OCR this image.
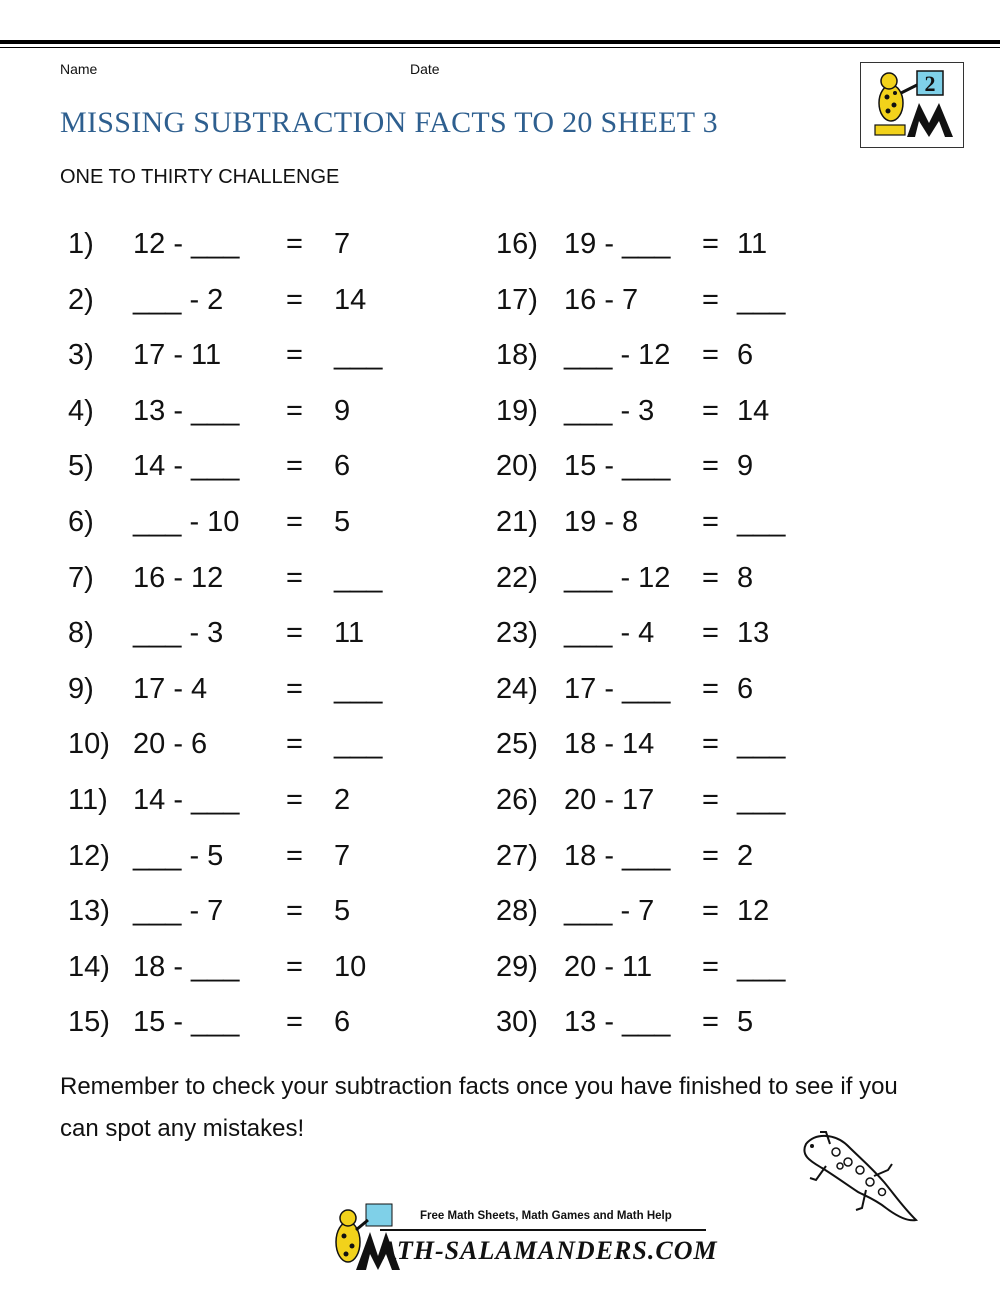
Name	Date
MISSING SUBTRACTION FACTS TO 20 SHEET 3
ONE TO THIRTY CHALLENGE
2
1) 12 - ___ = 7
2) ___ - 2 = 14
3) 17 - 11 = ___
4) 13 - ___ = 9
5) 14 - ___ = 6
6) ___ - 10 = 5
7) 16 - 12 = ___
8) ___ - 3 = 11
9) 17 - 4	= ___
10) 20 - 6	= ___
11) 14 - ___ = 2
12) ___ - 5 = 7
13) ___ - 7 = 5
14) 18 - ___ = 10
15) 15 - ___ = 6
16) 19 - ___ = 11
17) 16 - 7 = ___
18) ___ - 12 = 6
19) ___ - 3 = 14
20) 15 - ___ = 9
21) 19 - 8 = ___
22) ___ - 12 = 8
23) ___ - 4 = 13
24) 17 - ___ = 6
25) 18 - 14 = ___
26) 20 - 17 = ___
27) 18 - ___ = 2
28) ___ - 7 = 12
29) 20 - 11 = ___
30) 13 - ___ = 5
Remember to check your subtraction facts once you have finished to see if you can spot any mistakes!
Free Math Sheets, Math Games and Math Help
ATH-SALAMANDERS.COM
